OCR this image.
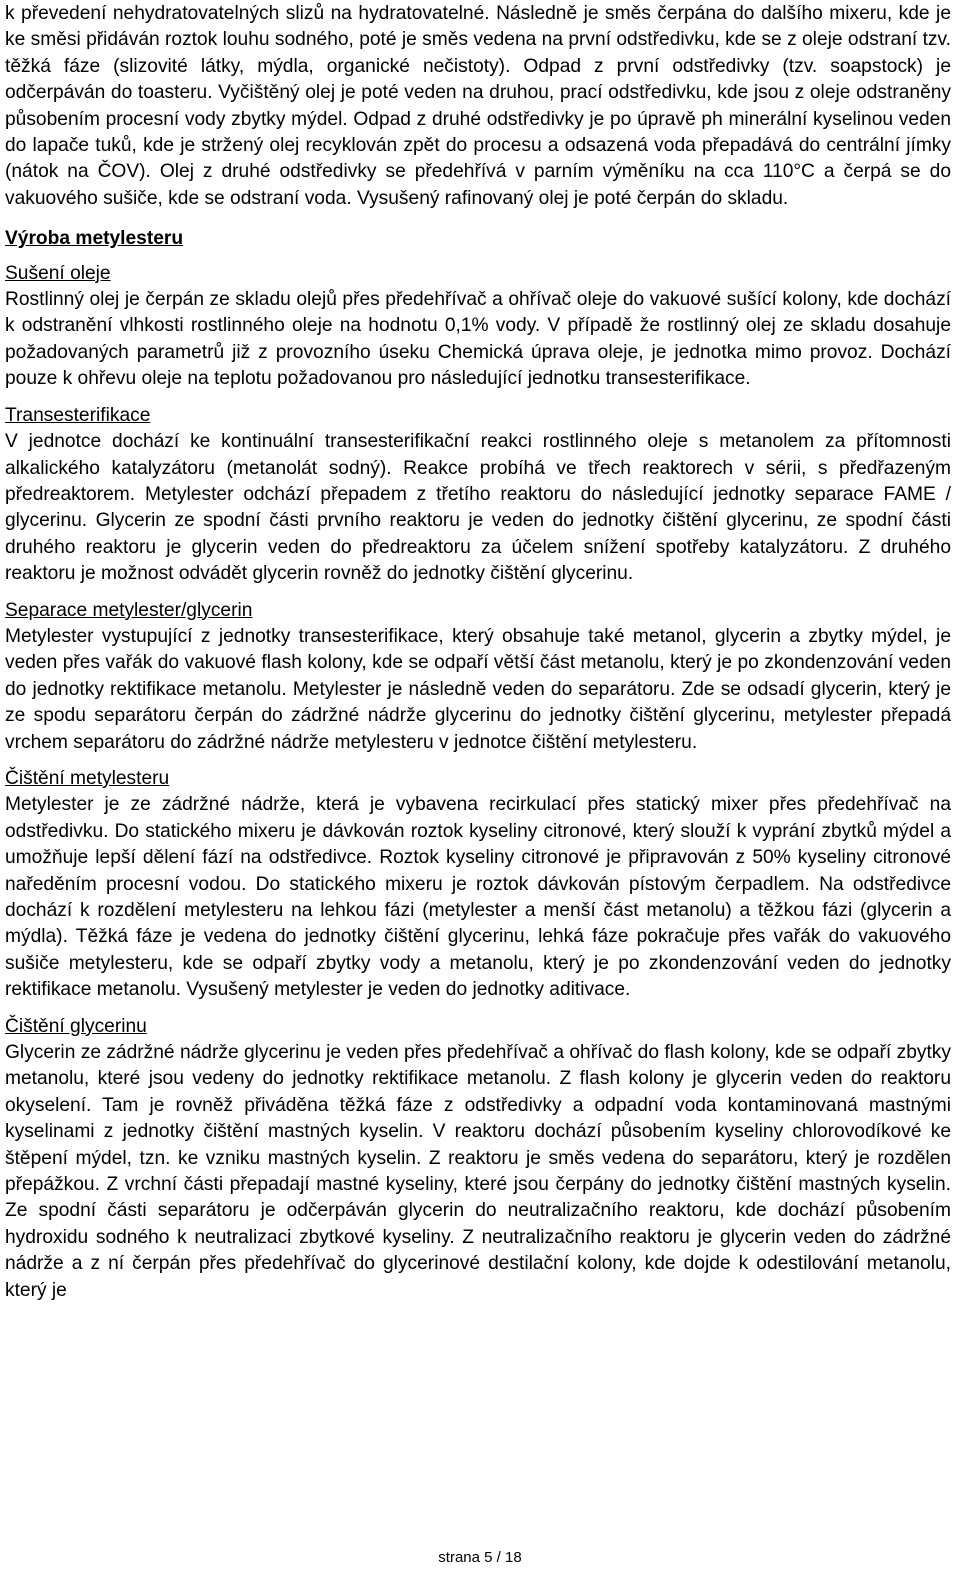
k převedení nehydratovatelných slizů na hydratovatelné. Následně je směs čerpána do dalšího mixeru, kde je ke směsi přidáván roztok louhu sodného, poté je směs vedena na první odstředivku, kde se z oleje odstraní tzv. těžká fáze (slizovité látky, mýdla, organické nečistoty). Odpad z první odstředivky (tzv. soapstock) je odčerpáván do toasteru. Vyčištěný olej je poté veden na druhou, prací odstředivku, kde jsou z oleje odstraněny působením procesní vody zbytky mýdel. Odpad z druhé odstředivky je po úpravě ph minerální kyselinou veden do lapače tuků, kde je stržený olej recyklován zpět do procesu a odsazená voda přepadává do centrální jímky (nátok na ČOV). Olej z druhé odstředivky se předehřívá v parním výměníku na cca 110°C a čerpá se do vakuového sušiče, kde se odstraní voda. Vysušený rafinovaný olej je poté čerpán do skladu.

Výroba metylesteru
Sušení oleje

Rostlinný olej je čerpán ze skladu olejů přes předehřívač a ohřívač oleje do vakuové sušící kolony, kde dochází k odstranění vlhkosti rostlinného oleje na hodnotu 0,1% vody. V případě že rostlinný olej ze skladu dosahuje požadovaných parametrů již z provozního úseku Chemická úprava oleje, je jednotka mimo provoz. Dochází pouze k ohřevu oleje na teplotu požadovanou pro následující jednotku transesterifikace.

Transesterifikace

V jednotce dochází ke kontinuální transesterifikační reakci rostlinného oleje s metanolem za přítomnosti alkalického katalyzátoru (metanolát sodný). Reakce probíhá ve třech reaktorech v sérii, s předřazeným předreaktorem. Metylester odchází přepadem z třetího reaktoru do následující jednotky separace FAME / glycerinu. Glycerin ze spodní části prvního reaktoru je veden do jednotky čištění glycerinu, ze spodní části druhého reaktoru je glycerin veden do předreaktoru za účelem snížení spotřeby katalyzátoru. Z druhého reaktoru je možnost odvádět glycerin rovněž do jednotky čištění glycerinu.

Separace metylester/glycerin

Metylester vystupující z jednotky transesterifikace, který obsahuje také metanol, glycerin a zbytky mýdel, je veden přes vařák do vakuové flash kolony, kde se odpaří větší část metanolu, který je po zkondenzování veden do jednotky rektifikace metanolu. Metylester je následně veden do separátoru. Zde se odsadí glycerin, který je ze spodu separátoru čerpán do zádržné nádrže glycerinu do jednotky čištění glycerinu, metylester přepadá vrchem separátoru do zádržné nádrže metylesteru v jednotce čištění metylesteru.

Čištění metylesteru

Metylester je ze zádržné nádrže, která je vybavena recirkulací přes statický mixer přes předehřívač na odstředivku. Do statického mixeru je dávkován roztok kyseliny citronové, který slouží k vyprání zbytků mýdel a umožňuje lepší dělení fází na odstředivce. Roztok kyseliny citronové je připravován z 50% kyseliny citronové naředěním procesní vodou. Do statického mixeru je roztok dávkován pístovým čerpadlem. Na odstředivce dochází k rozdělení metylesteru na lehkou fázi (metylester a menší část metanolu) a těžkou fázi (glycerin a mýdla). Těžká fáze je vedena do jednotky čištění glycerinu, lehká fáze pokračuje přes vařák do vakuového sušiče metylesteru, kde se odpaří zbytky vody a metanolu, který je po zkondenzování veden do jednotky rektifikace metanolu. Vysušený metylester je veden do jednotky aditivace.

Čištění glycerinu

Glycerin ze zádržné nádrže glycerinu je veden přes předehřívač a ohřívač do flash kolony, kde se odpaří zbytky metanolu, které jsou vedeny do jednotky rektifikace metanolu. Z flash kolony je glycerin veden do reaktoru okyselení. Tam je rovněž přiváděna těžká fáze z odstředivky a odpadní voda kontaminovaná mastnými kyselinami z jednotky čištění mastných kyselin. V reaktoru dochází působením kyseliny chlorovodíkové ke štěpení mýdel, tzn. ke vzniku mastných kyselin. Z reaktoru je směs vedena do separátoru, který je rozdělen přepážkou. Z vrchní části přepadají mastné kyseliny, které jsou čerpány do jednotky čištění mastných kyselin. Ze spodní části separátoru je odčerpáván glycerin do neutralizačního reaktoru, kde dochází působením hydroxidu sodného k neutralizaci zbytkové kyseliny. Z neutralizačního reaktoru je glycerin veden do zádržné nádrže a z ní čerpán přes předehřívač do glycerinové destilační kolony, kde dojde k odestilování metanolu, který je

strana 5 / 18
